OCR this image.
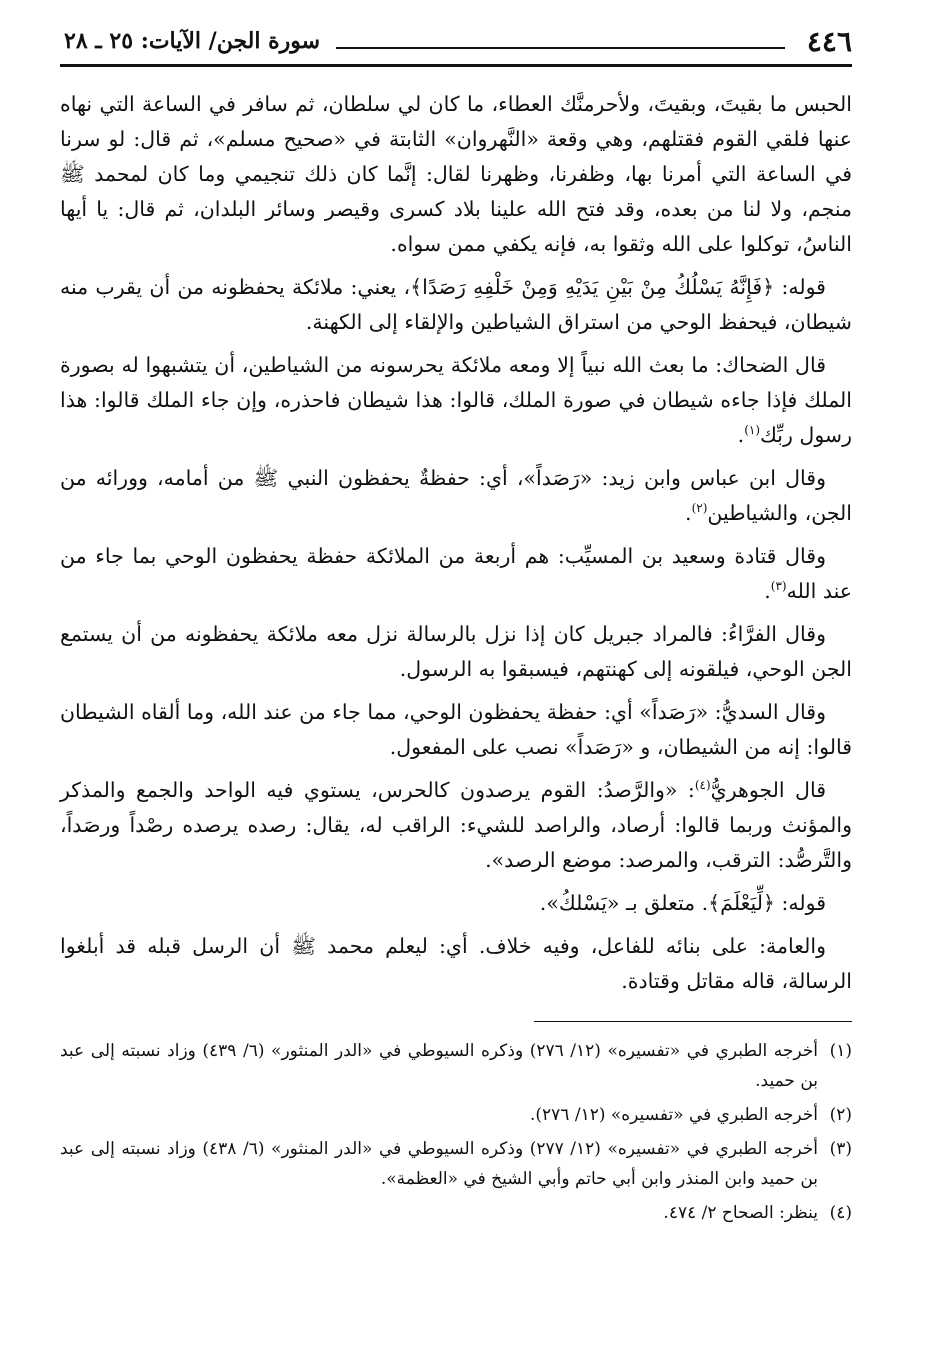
٤٤٦
سورة الجن/ الآيات: ٢٥ ـ ٢٨

الحبس ما بقيتَ، وبقيتَ، ولأحرمنَّك العطاء، ما كان لي سلطان، ثم سافر في الساعة التي نهاه عنها فلقي القوم فقتلهم، وهي وقعة «النَّهروان» الثابتة في «صحيح مسلم»، ثم قال: لو سرنا في الساعة التي أمرنا بها، وظفرنا، وظهرنا لقال: إنَّما كان ذلك تنجيمي وما كان لمحمد ﷺ منجم، ولا لنا من بعده، وقد فتح الله علينا بلاد كسرى وقيصر وسائر البلدان، ثم قال: يا أيها الناسُ، توكلوا على الله وثقوا به، فإنه يكفي ممن سواه.

قوله: ﴿فَإِنَّهُ يَسْلُكُ مِنْ بَيْنِ يَدَيْهِ وَمِنْ خَلْفِهِ رَصَدًا﴾، يعني: ملائكة يحفظونه من أن يقرب منه شيطان، فيحفظ الوحي من استراق الشياطين والإلقاء إلى الكهنة.

قال الضحاك: ما بعث الله نبياً إلا ومعه ملائكة يحرسونه من الشياطين، أن يتشبهوا له بصورة الملك فإذا جاءه شيطان في صورة الملك، قالوا: هذا شيطان فاحذره، وإن جاء الملك قالوا: هذا رسول ربِّك$^{(١)}$.

وقال ابن عباس وابن زيد: «رَصَداً»، أي: حفظةٌ يحفظون النبي ﷺ من أمامه، وورائه من الجن، والشياطين$^{(٢)}$.

وقال قتادة وسعيد بن المسيِّب: هم أربعة من الملائكة حفظة يحفظون الوحي بما جاء من عند الله$^{(٣)}$.

وقال الفرَّاءُ: فالمراد جبريل كان إذا نزل بالرسالة نزل معه ملائكة يحفظونه من أن يستمع الجن الوحي، فيلقونه إلى كهنتهم، فيسبقوا به الرسول.

وقال السديُّ: «رَصَداً» أي: حفظة يحفظون الوحي، مما جاء من عند الله، وما ألقاه الشيطان قالوا: إنه من الشيطان، و «رَصَداً» نصب على المفعول.

قال الجوهريُّ$^{(٤)}$: «والرَّصدُ: القوم يرصدون كالحرس، يستوي فيه الواحد والجمع والمذكر والمؤنث وربما قالوا: أرصاد، والراصد للشيء: الراقب له، يقال: رصده يرصده رصْداً ورصَداً، والتَّرصُّد: الترقب، والمرصد: موضع الرصد».

قوله: ﴿لِّيَعْلَمَ﴾. متعلق بـ «يَسْلكُ».

والعامة: على بنائه للفاعل، وفيه خلاف. أي: ليعلم محمد ﷺ أن الرسل قبله قد أبلغوا الرسالة، قاله مقاتل وقتادة.

(١)
أخرجه الطبري في «تفسيره» (١٢/ ٢٧٦) وذكره السيوطي في «الدر المنثور» (٦/ ٤٣٩) وزاد نسبته إلى عبد بن حميد.
(٢)
أخرجه الطبري في «تفسيره» (١٢/ ٢٧٦).
(٣)
أخرجه الطبري في «تفسيره» (١٢/ ٢٧٧) وذكره السيوطي في «الدر المنثور» (٦/ ٤٣٨) وزاد نسبته إلى عبد بن حميد وابن المنذر وابن أبي حاتم وأبي الشيخ في «العظمة».
(٤)
ينظر: الصحاح ٢/ ٤٧٤.
